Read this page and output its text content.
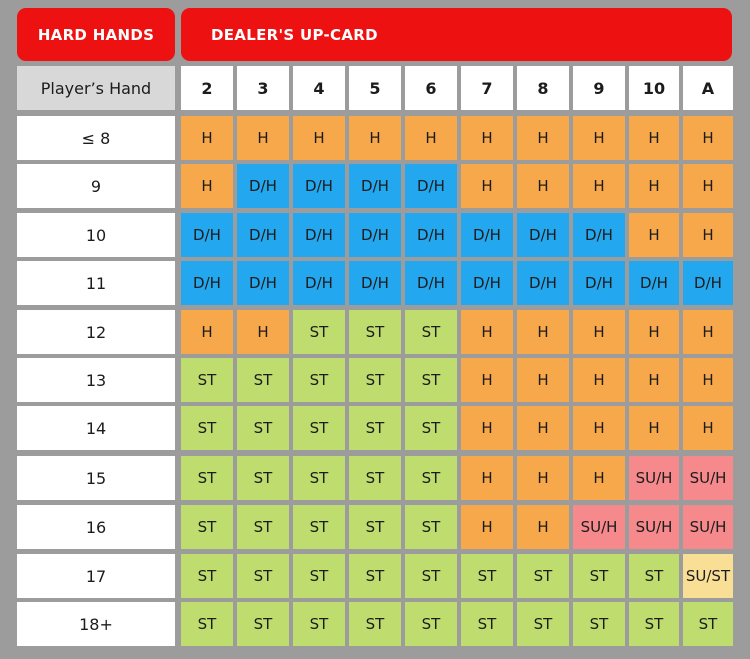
HARD HANDS	DEALER'S UP-CARD
Player’s Hand	2	3	4	5	6	7	8	9	10	A
≤ 8	H	H	H	H	H	H	H	H	H	H
9	H	D/H	D/H	D/H	D/H	H	H	H	H	H
10	D/H	D/H	D/H	D/H	D/H	D/H	D/H	D/H	H	H
11	D/H	D/H	D/H	D/H	D/H	D/H	D/H	D/H	D/H	D/H
12	H	H	ST	ST	ST	H	H	H	H	H
13	ST	ST	ST	ST	ST	H	H	H	H	H
14	ST	ST	ST	ST	ST	H	H	H	H	H
15	ST	ST	ST	ST	ST	H	H	H	SU/H	SU/H
16	ST	ST	ST	ST	ST	H	H	SU/H	SU/H	SU/H
17	ST	ST	ST	ST	ST	ST	ST	ST	ST	SU/ST
18+	ST	ST	ST	ST	ST	ST	ST	ST	ST	ST
